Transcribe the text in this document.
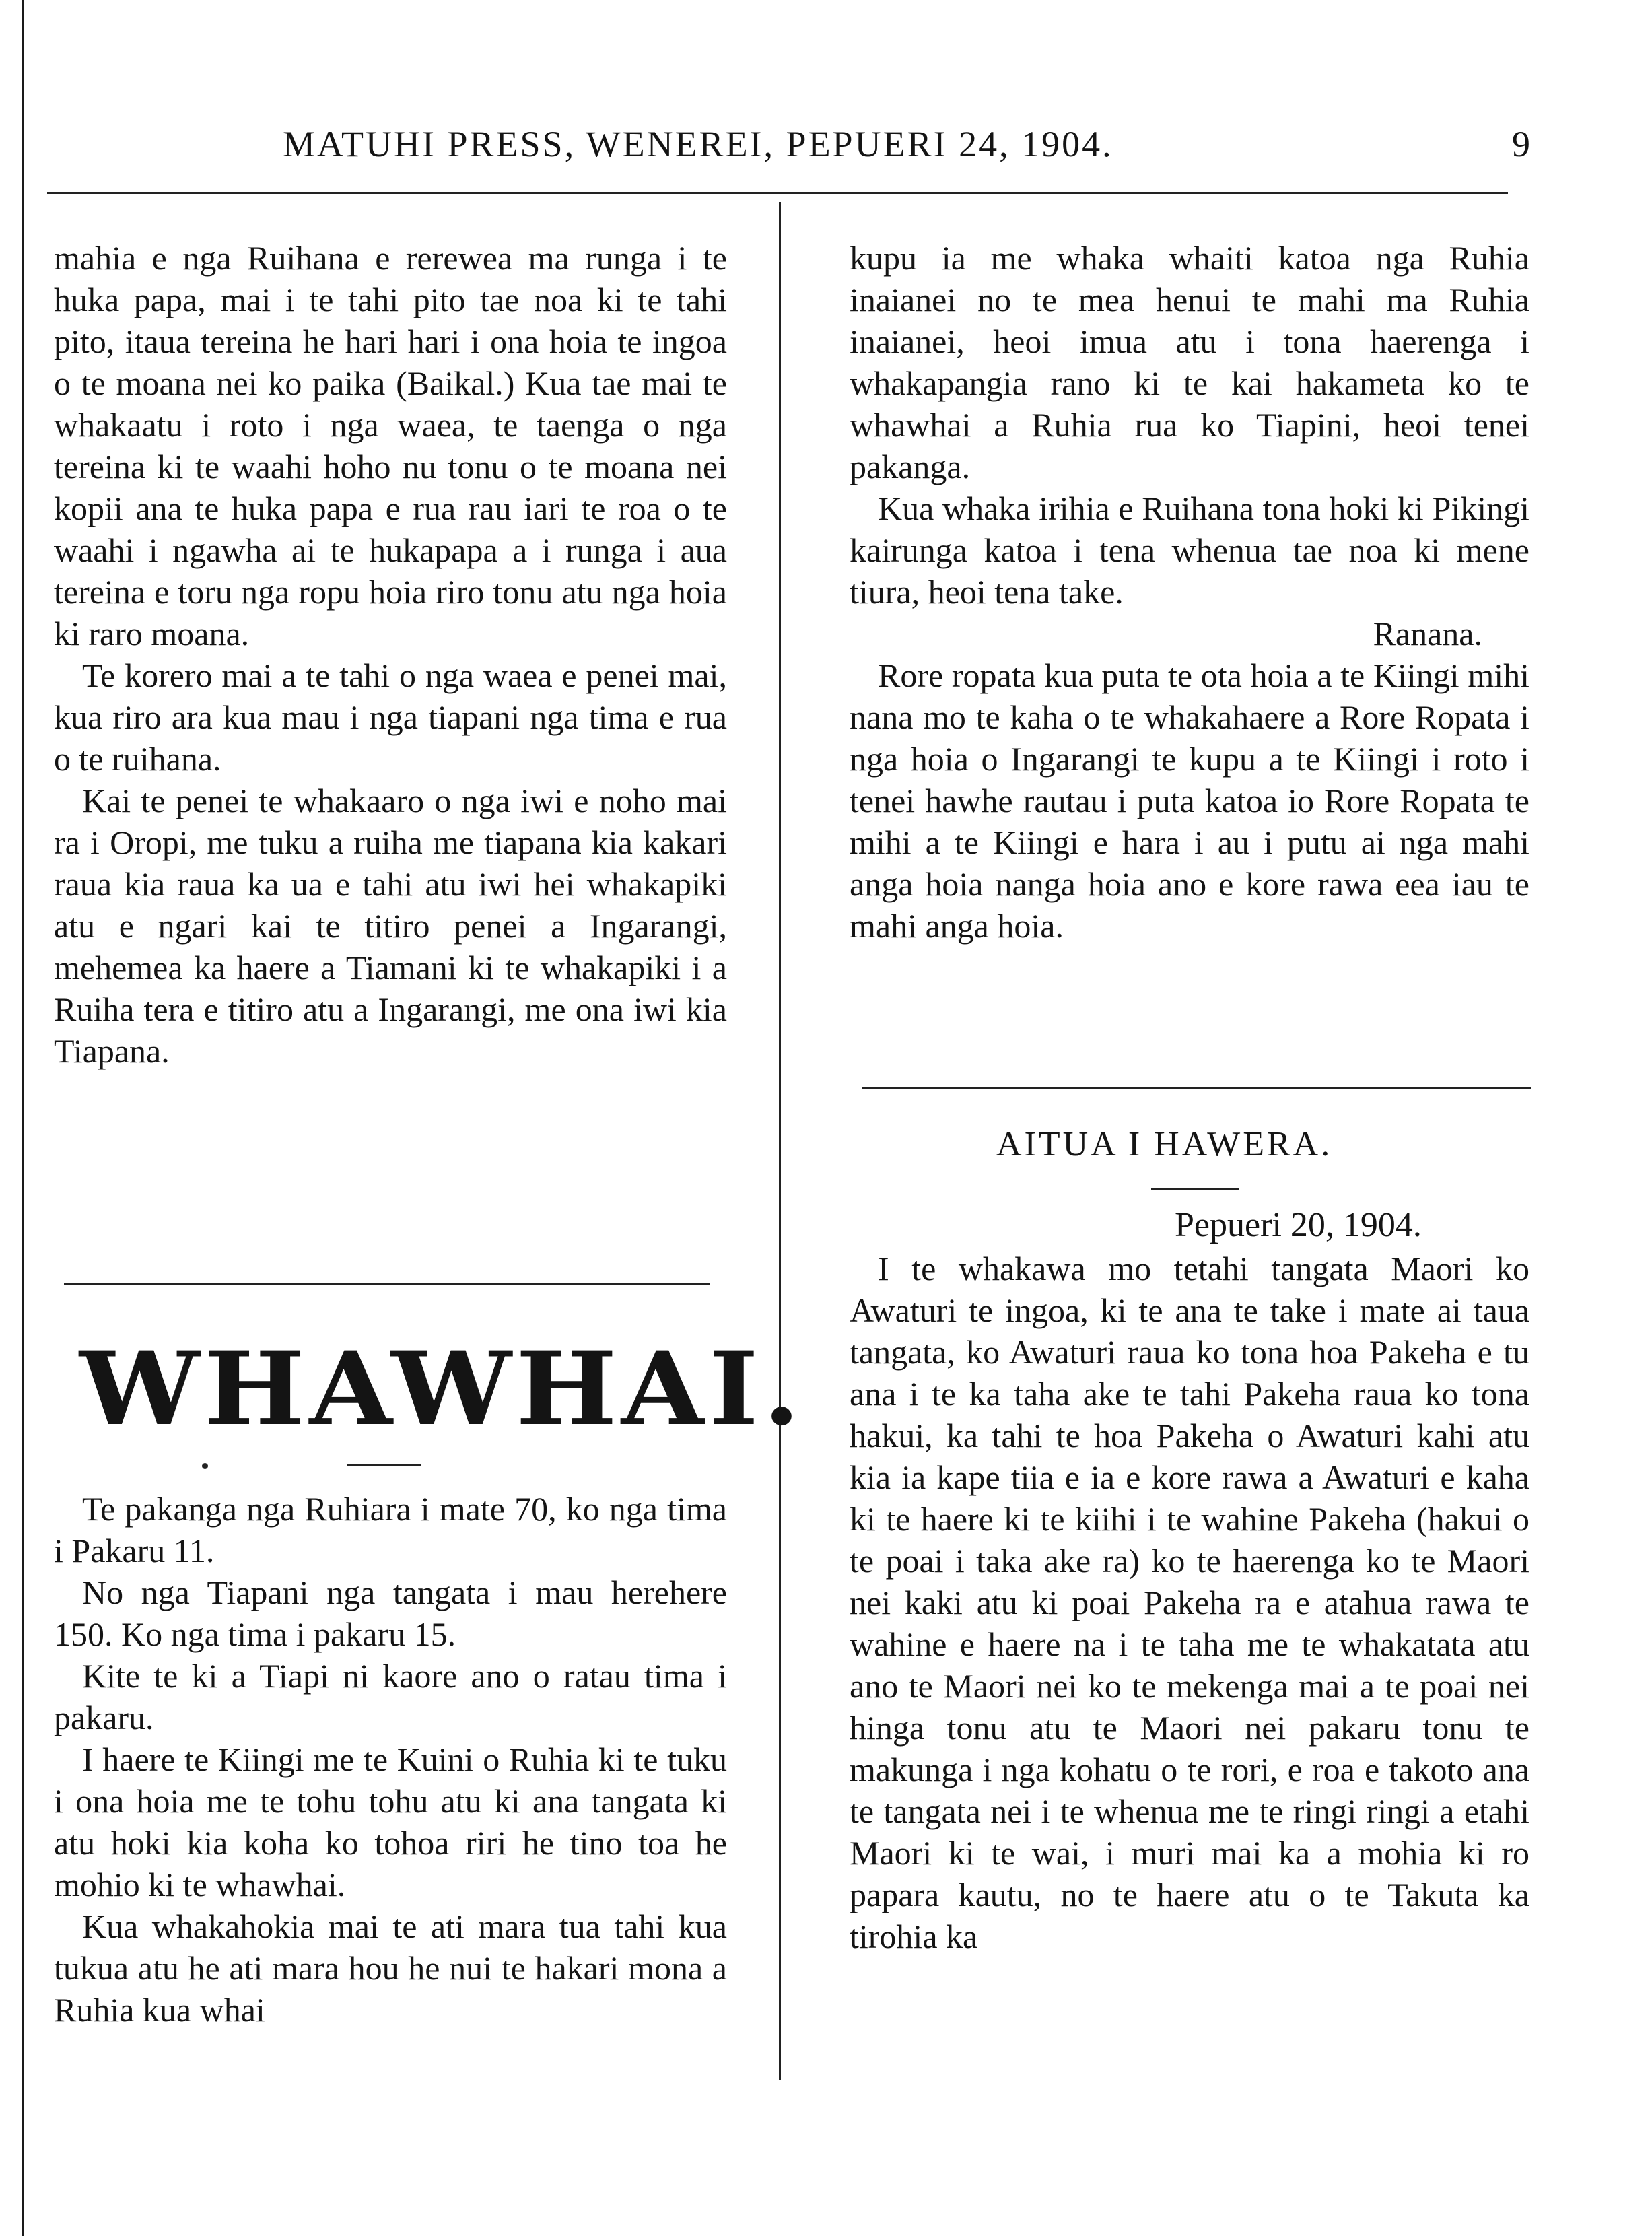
MATUHI PRESS, WENEREI, PEPUERI 24, 1904.	9

mahia e nga Ruihana e rerewea ma runga i te huka papa, mai i te tahi pito tae noa ki te tahi pito, itaua tereina he hari hari i ona hoia te ingoa o te moana nei ko paika (Baikal.) Kua tae mai te whakaatu i roto i nga waea, te taenga o nga tereina ki te waahi hoho nu tonu o te moana nei kopii ana te huka papa e rua rau iari te roa o te waahi i ngawha ai te hukapapa a i runga i aua tereina e toru nga ropu hoia riro tonu atu nga hoia ki raro moana.

Te korero mai a te tahi o nga waea e penei mai, kua riro ara kua mau i nga tiapani nga tima e rua o te ruihana.

Kai te penei te whakaaro o nga iwi e noho mai ra i Oropi, me tuku a ruiha me tiapana kia kakari raua kia raua ka ua e tahi atu iwi hei whakapiki atu e ngari kai te titiro penei a Ingarangi, mehemea ka haere a Tiamani ki te whakapiki i a Ruiha tera e titiro atu a Ingarangi, me ona iwi kia Tiapana.

WHAWHAI.

Te pakanga nga Ruhiara i mate 70, ko nga tima i Pakaru 11.

No nga Tiapani nga tangata i mau herehere 150. Ko nga tima i pakaru 15.

Kite te ki a Tiapi ni kaore ano o ratau tima i pakaru.

I haere te Kiingi me te Kuini o Ruhia ki te tuku i ona hoia me te tohu tohu atu ki ana tangata ki atu hoki kia koha ko tohoa riri he tino toa he mohio ki te whawhai.

Kua whakahokia mai te ati mara tua tahi kua tukua atu he ati mara hou he nui te hakari mona a Ruhia kua whai

kupu ia me whaka whaiti katoa nga Ruhia inaianei no te mea henui te mahi ma Ruhia inaianei, heoi imua atu i tona haerenga i whakapangia rano ki te kai hakameta ko te whawhai a Ruhia rua ko Tiapini, heoi tenei pakanga.

Kua whaka irihia e Ruihana tona hoki ki Pikingi kairunga katoa i tena whenua tae noa ki mene tiura, heoi tena take.

Ranana.

Rore ropata kua puta te ota hoia a te Kiingi mihi nana mo te kaha o te whakahaere a Rore Ropata i nga hoia o Ingarangi te kupu a te Kiingi i roto i tenei hawhe rautau i puta katoa io Rore Ropata te mihi a te Kiingi e hara i au i putu ai nga mahi anga hoia nanga hoia ano e kore rawa eea iau te mahi anga hoia.

AITUA I HAWERA.
Pepueri 20, 1904.

I te whakawa mo tetahi tangata Maori ko Awaturi te ingoa, ki te ana te take i mate ai taua tangata, ko Awaturi raua ko tona hoa Pakeha e tu ana i te ka taha ake te tahi Pakeha raua ko tona hakui, ka tahi te hoa Pakeha o Awaturi kahi atu kia ia kape tiia e ia e kore rawa a Awaturi e kaha ki te haere ki te kiihi i te wahine Pakeha (hakui o te poai i taka ake ra) ko te haerenga ko te Maori nei kaki atu ki poai Pakeha ra e atahua rawa te wahine e haere na i te taha me te whakatata atu ano te Maori nei ko te mekenga mai a te poai nei hinga tonu atu te Maori nei pakaru tonu te makunga i nga kohatu o te rori, e roa e takoto ana te tangata nei i te whenua me te ringi ringi a etahi Maori ki te wai, i muri mai ka a mohia ki ro papara kautu, no te haere atu o te Takuta ka tirohia ka
